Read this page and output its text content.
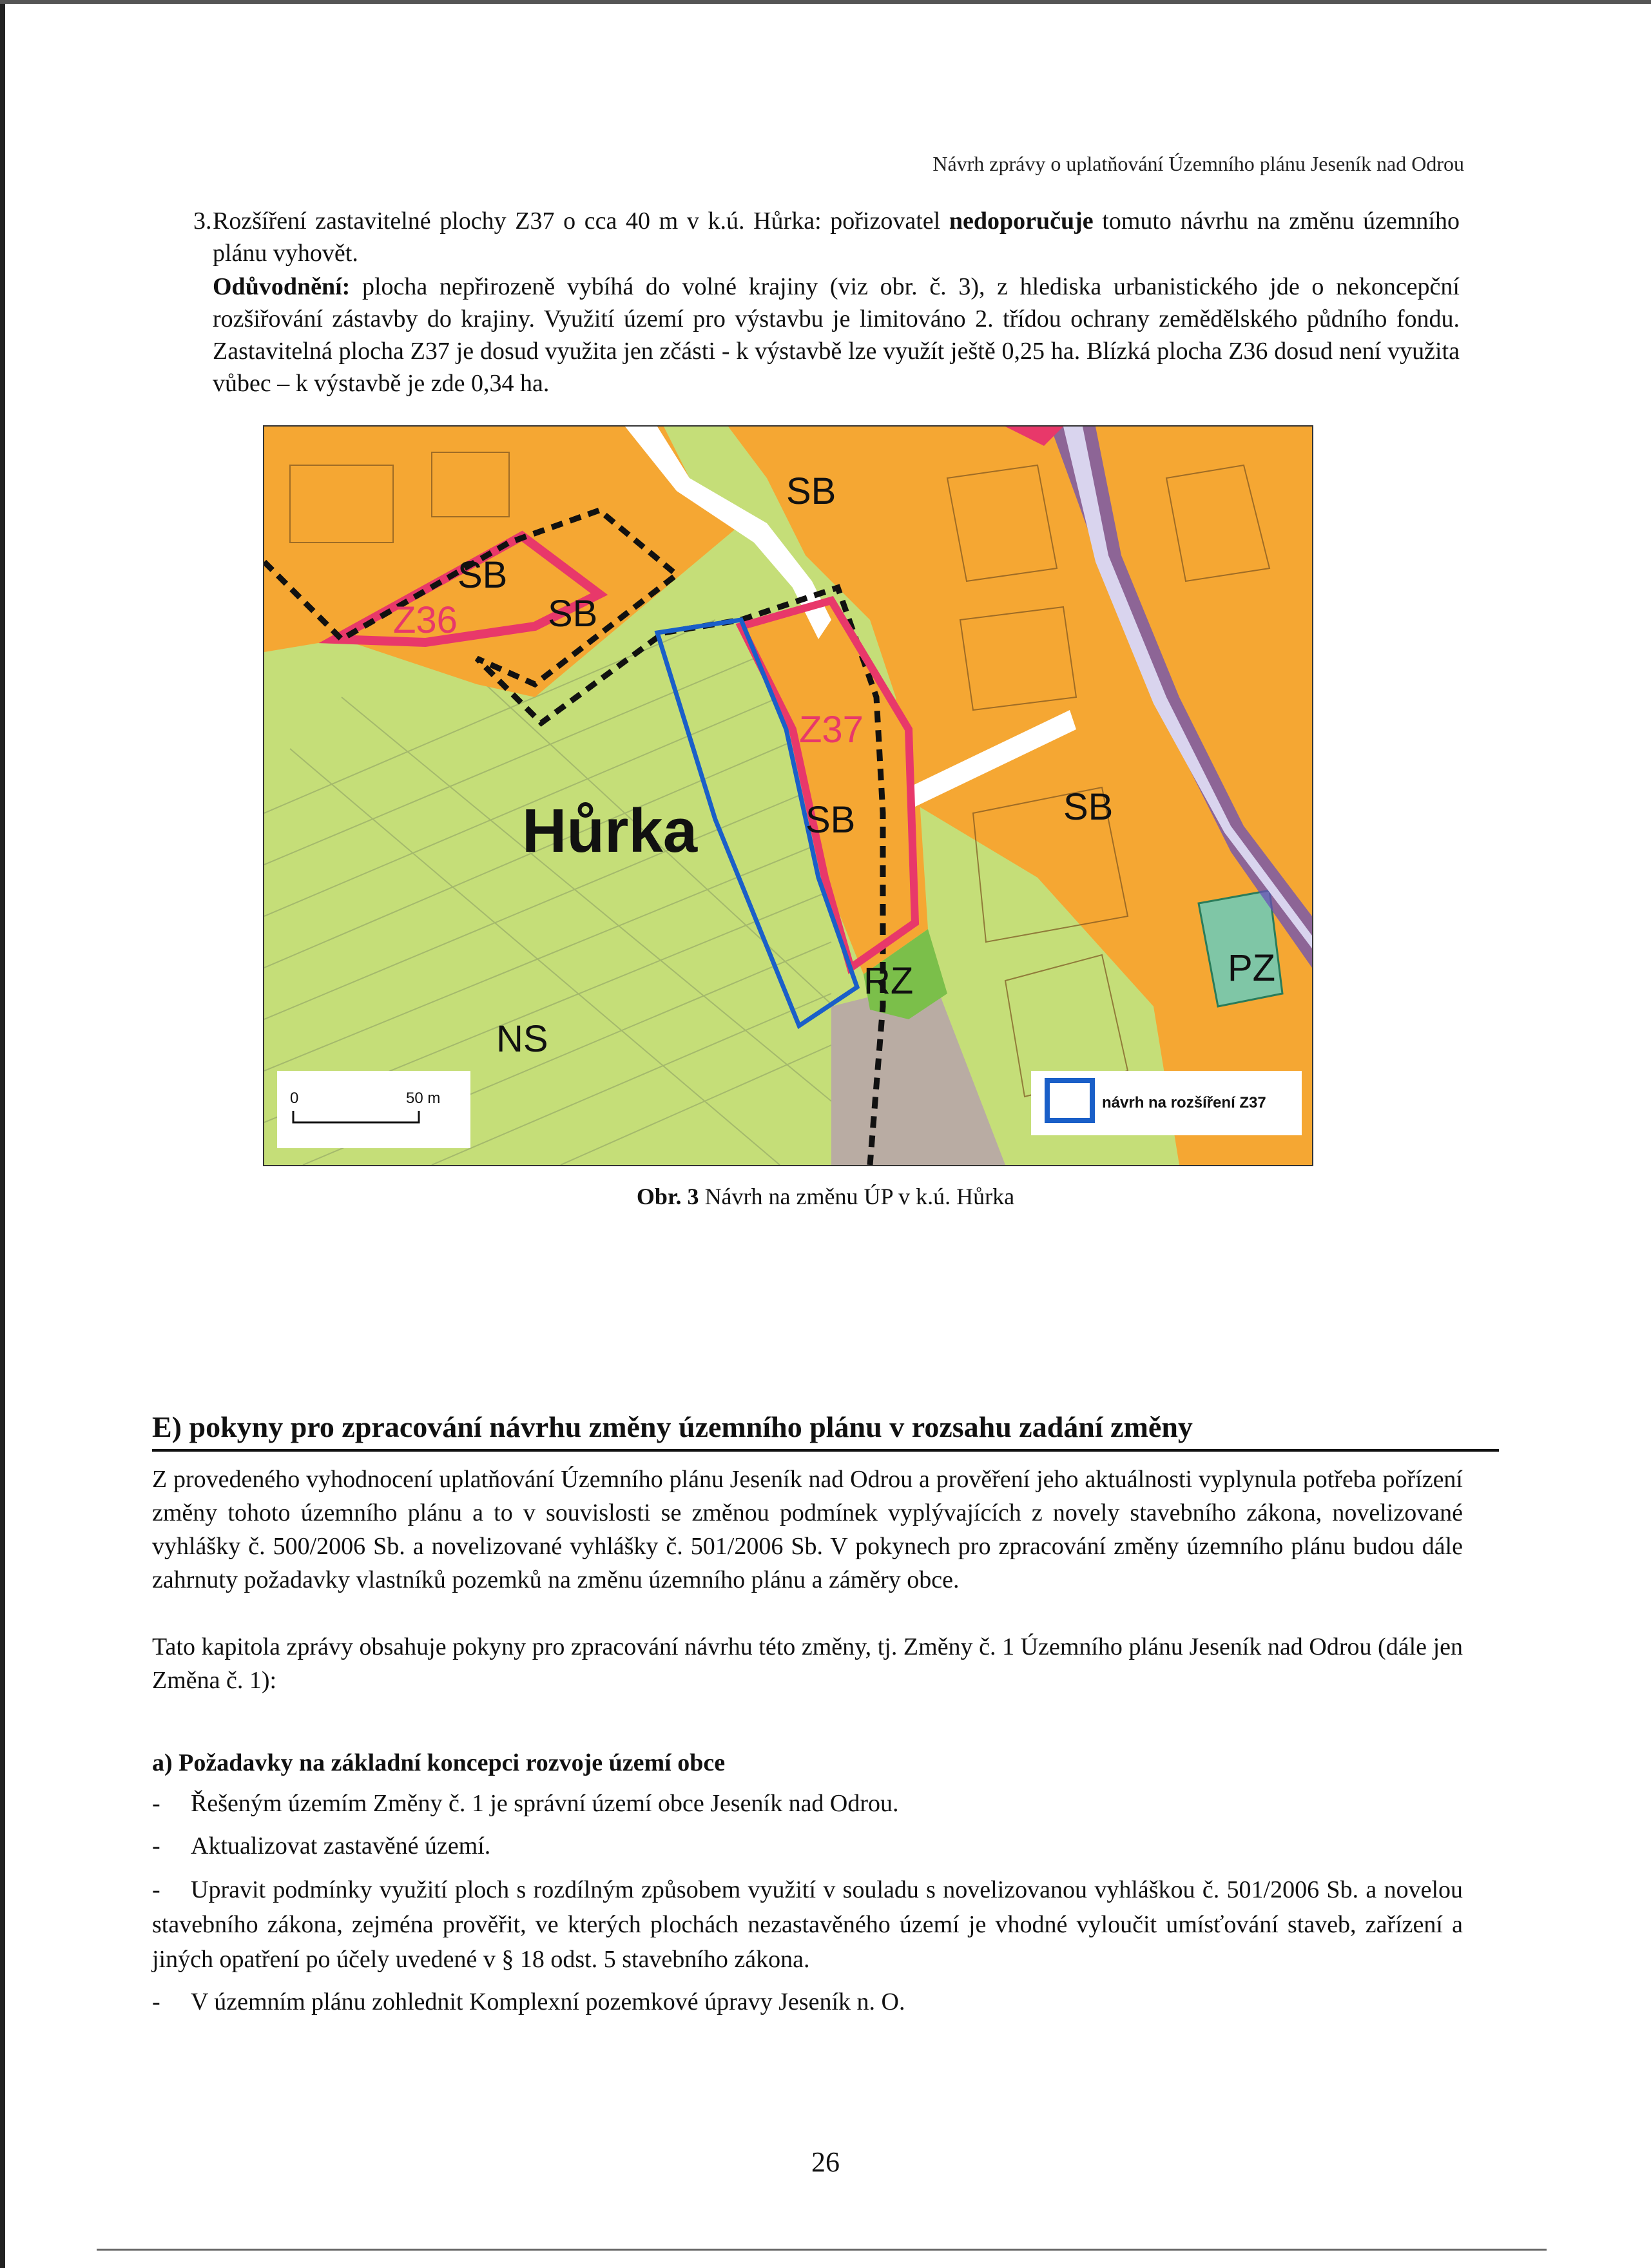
Návrh zprávy o uplatňování Územního plánu Jeseník nad Odrou
3. Rozšíření zastavitelné plochy Z37 o cca 40 m v k.ú. Hůrka: pořizovatel nedoporučuje tomuto návrhu na změnu územního plánu vyhovět.
Odůvodnění: plocha nepřirozeně vybíhá do volné krajiny (viz obr. č. 3), z hlediska urbanistického jde o nekoncepční rozšiřování zástavby do krajiny. Využití území pro výstavbu je limitováno 2. třídou ochrany zemědělského půdního fondu. Zastavitelná plocha Z37 je dosud využita jen zčásti - k výstavbě lze využít ještě 0,25 ha. Blízká plocha Z36 dosud není využita vůbec – k výstavbě je zde 0,34 ha.
SB
SB
SB
Z36
Z37
SB	SB
Hůrka
NS
RZ	PZ
0	50 m	návrh na rozšíření Z37
Obr. 3 Návrh na změnu ÚP v k.ú. Hůrka
E) pokyny pro zpracování návrhu změny územního plánu v rozsahu zadání změny
Z provedeného vyhodnocení uplatňování Územního plánu Jeseník nad Odrou a prověření jeho aktuálnosti vyplynula potřeba pořízení změny tohoto územního plánu a to v souvislosti se změnou podmínek vyplývajících z novely stavebního zákona, novelizované vyhlášky č. 500/2006 Sb. a novelizované vyhlášky č. 501/2006 Sb. V pokynech pro zpracování změny územního plánu budou dále zahrnuty požadavky vlastníků pozemků na změnu územního plánu a záměry obce.
Tato kapitola zprávy obsahuje pokyny pro zpracování návrhu této změny, tj. Změny č. 1 Územního plánu Jeseník nad Odrou (dále jen Změna č. 1):
a) Požadavky na základní koncepci rozvoje území obce
- Řešeným územím Změny č. 1 je správní území obce Jeseník nad Odrou.
- Aktualizovat zastavěné území.
- Upravit podmínky využití ploch s rozdílným způsobem využití v souladu s novelizovanou vyhláškou č. 501/2006 Sb. a novelou stavebního zákona, zejména prověřit, ve kterých plochách nezastavěného území je vhodné vyloučit umísťování staveb, zařízení a jiných opatření po účely uvedené v § 18 odst. 5 stavebního zákona.
- V územním plánu zohlednit Komplexní pozemkové úpravy Jeseník n. O.
26
